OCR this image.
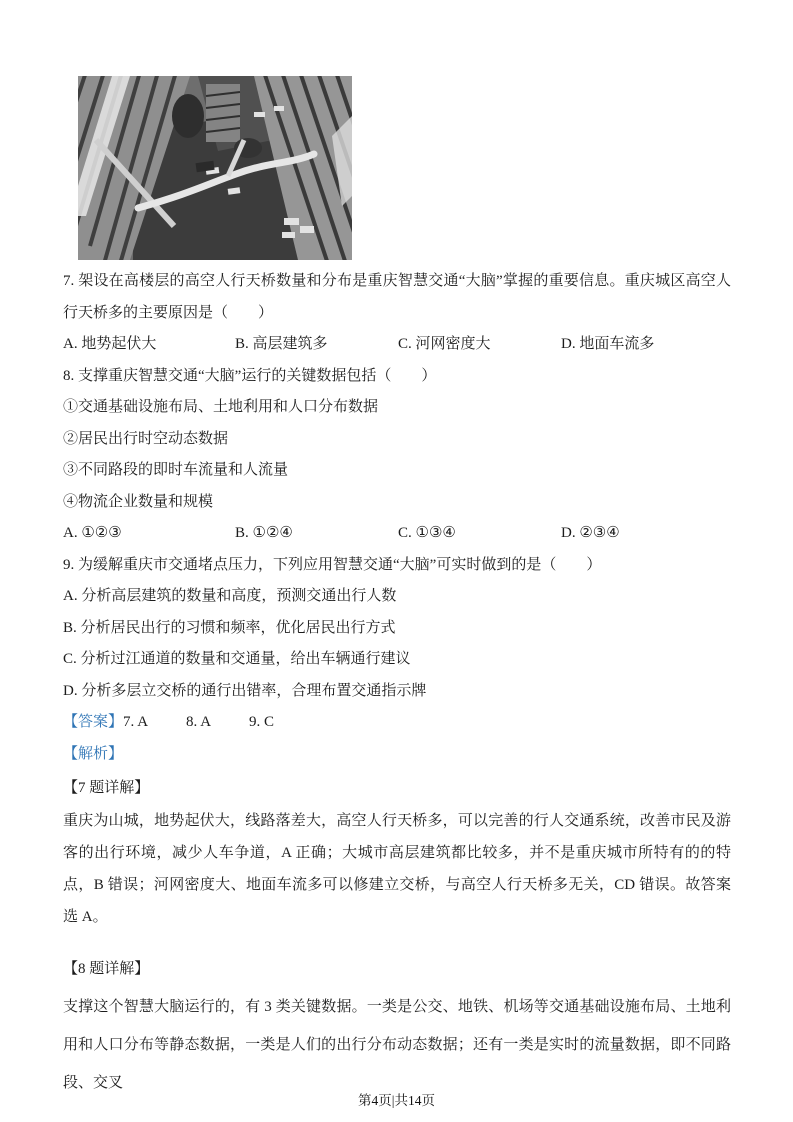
7. 架设在高楼层的高空人行天桥数量和分布是重庆智慧交通“大脑”掌握的重要信息。重庆城区高空人行天桥多的主要原因是（　　）

A. 地势起伏大	B. 高层建筑多	C. 河网密度大	D. 地面车流多

8. 支撑重庆智慧交通“大脑”运行的关键数据包括（　　）

①交通基础设施布局、土地利用和人口分布数据

②居民出行时空动态数据

③不同路段的即时车流量和人流量

④物流企业数量和规模

A. ①②③	B. ①②④	C. ①③④	D. ②③④

9. 为缓解重庆市交通堵点压力，下列应用智慧交通“大脑”可实时做到的是（　　）

A. 分析高层建筑的数量和高度，预测交通出行人数

B. 分析居民出行的习惯和频率，优化居民出行方式

C. 分析过江通道的数量和交通量，给出车辆通行建议

D. 分析多层立交桥的通行出错率，合理布置交通指示牌

【答案】7. A	8. A	9. C

【解析】

【7 题详解】

重庆为山城，地势起伏大，线路落差大，高空人行天桥多，可以完善的行人交通系统，改善市民及游客的出行环境，减少人车争道，A 正确；大城市高层建筑都比较多，并不是重庆城市所特有的的特点，B 错误；河网密度大、地面车流多可以修建立交桥，与高空人行天桥多无关，CD 错误。故答案选 A。

【8 题详解】

支撑这个智慧大脑运行的，有 3 类关键数据。一类是公交、地铁、机场等交通基础设施布局、土地利用和人口分布等静态数据，一类是人们的出行分布动态数据；还有一类是实时的流量数据，即不同路段、交叉

第4页|共14页
